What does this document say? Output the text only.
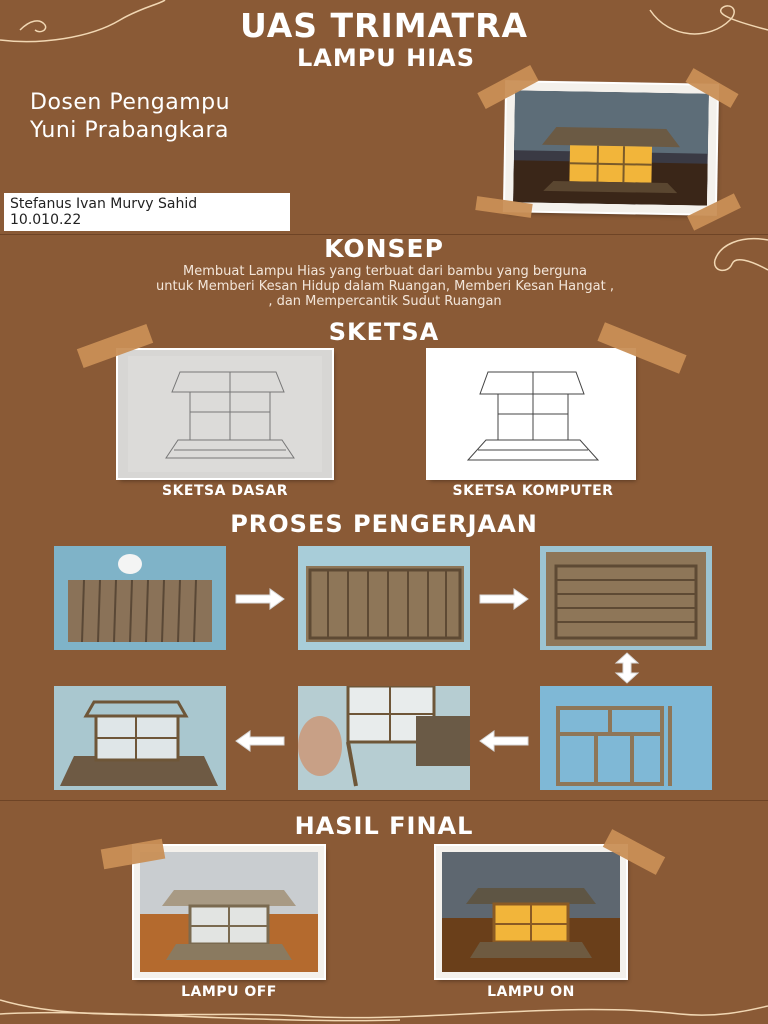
UAS TRIMATRA
LAMPU HIAS
Dosen Pengampu
Yuni Prabangkara
Stefanus Ivan Murvy Sahid
10.010.22
KONSEP
Membuat Lampu Hias yang terbuat dari bambu yang berguna
untuk Memberi Kesan Hidup dalam Ruangan, Memberi Kesan Hangat ,
, dan Mempercantik Sudut Ruangan
SKETSA
SKETSA DASAR	SKETSA KOMPUTER
PROSES PENGERJAAN
HASIL FINAL
LAMPU OFF	LAMPU ON
